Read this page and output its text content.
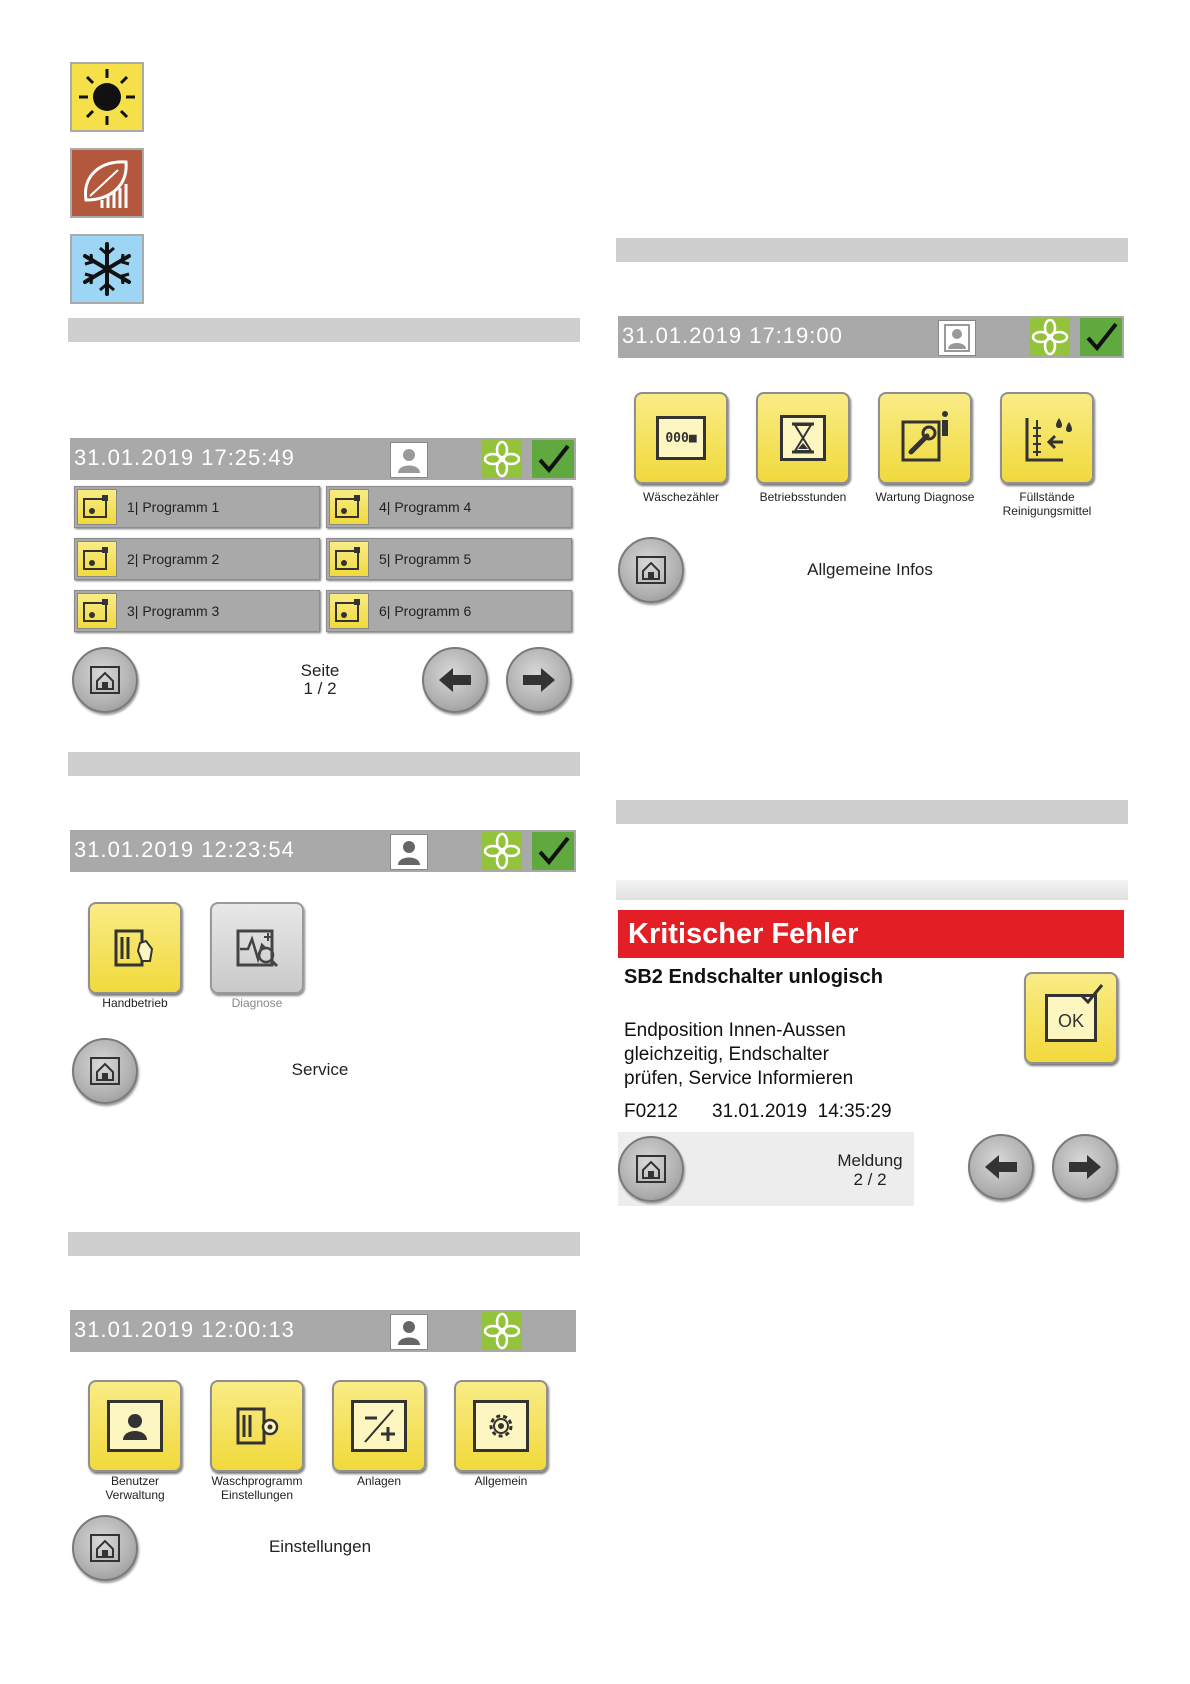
31.01.2019 17:25:49
1| Programm 1	4| Programm 4
2| Programm 2	5| Programm 5
3| Programm 3	6| Programm 6
Seite
1 / 2
31.01.2019 12:23:54
Handbetrieb	Diagnose
Service
31.01.2019 12:00:13
Benutzer
Verwaltung
Waschprogramm
Einstellungen
Anlagen	Allgemein
Einstellungen
31.01.2019 17:19:00
000■
Wäschezähler	Betriebsstunden	Wartung Diagnose	Füllstände
Reinigungsmittel
Allgemeine Infos
Kritischer Fehler
SB2 Endschalter unlogisch
Endposition Innen-Aussen
gleichzeitig, Endschalter
prüfen, Service Informieren
F0212 31.01.2019  14:35:29
OK
Meldung
2 / 2
